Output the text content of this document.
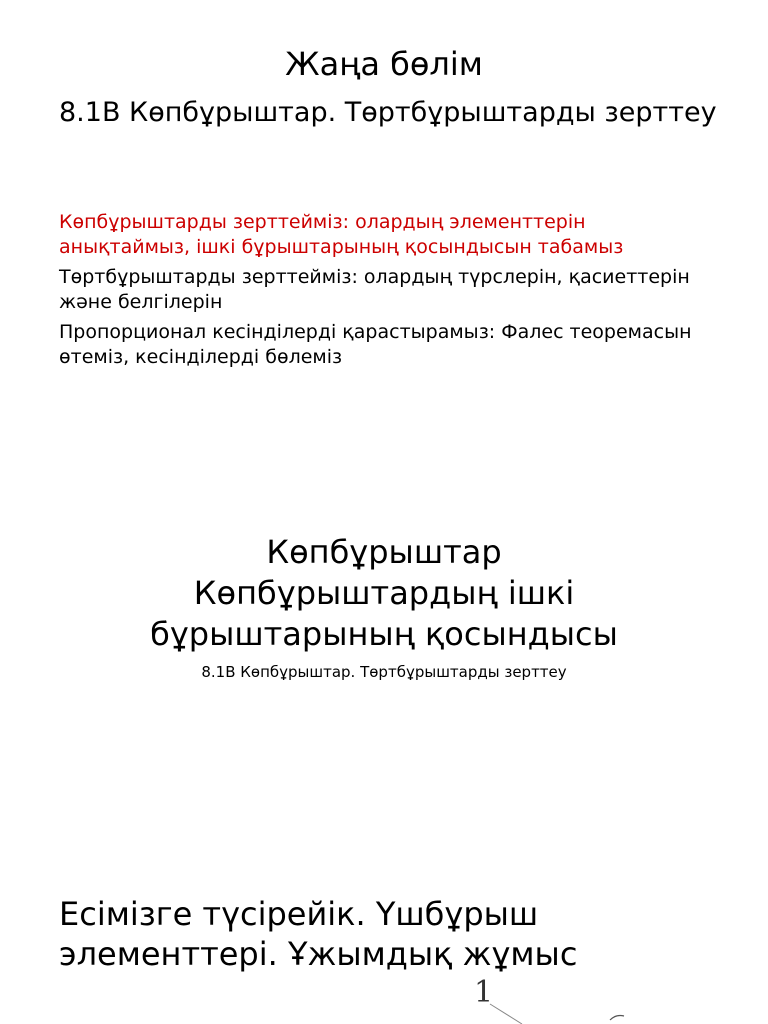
Жаңа бөлім
8.1B Көпбұрыштар. Төртбұрыштарды зерттеу
Көпбұрыштарды зерттейміз: олардың элементтерін анықтаймыз, ішкі бұрыштарының қосындысын табамыз
Төртбұрыштарды зерттейміз: олардың түрслерін, қасиеттерін және белгілерін
Пропорционал кесінділерді қарастырамыз: Фалес теоремасын өтеміз, кесінділерді бөлеміз
Көпбұрыштар
Көпбұрыштардың ішкі
бұрыштарының қосындысы
8.1B Көпбұрыштар. Төртбұрыштарды зерттеу
Есімізге түсірейік. Үшбұрыш элементтері. Ұжымдық жұмыс
1
